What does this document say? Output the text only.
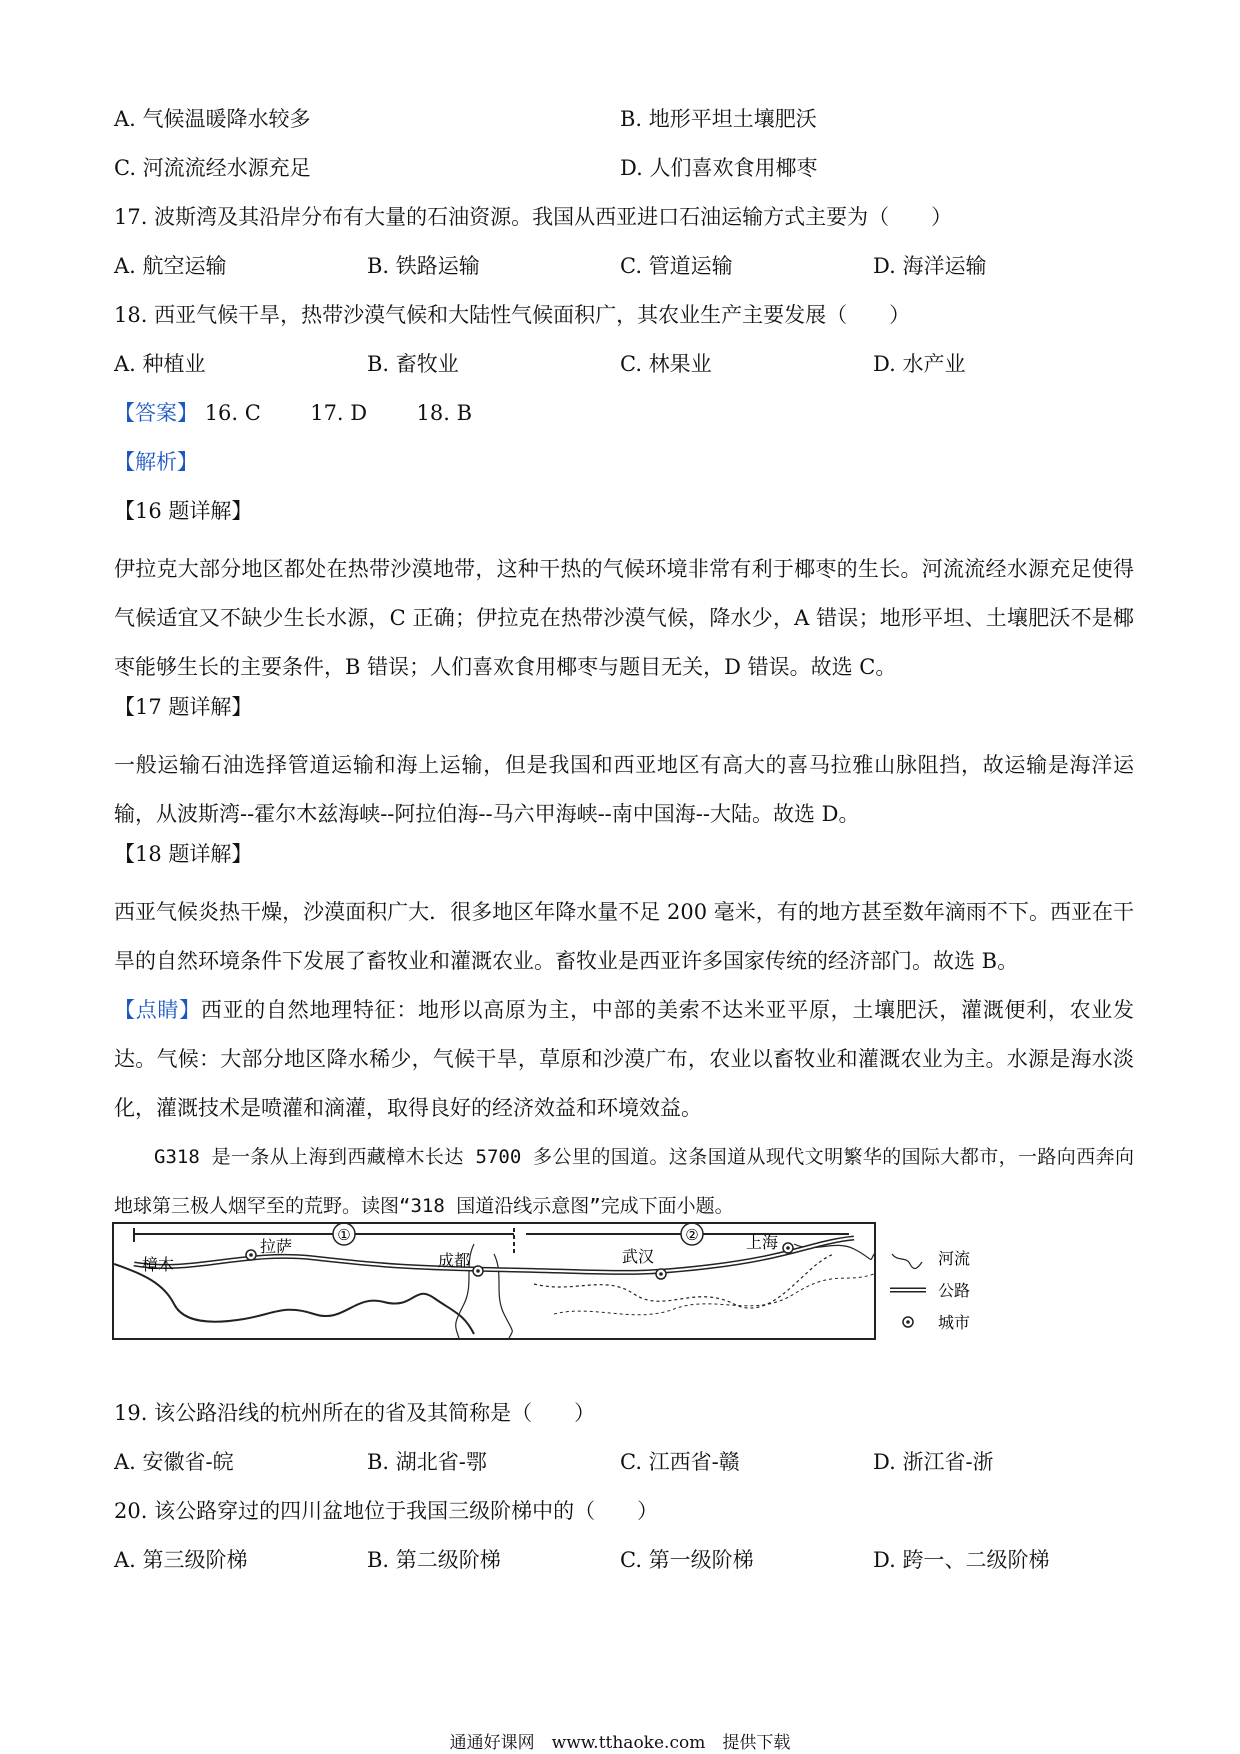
A. 气候温暖降水较多	B. 地形平坦土壤肥沃
C. 河流流经水源充足	D. 人们喜欢食用椰枣
17. 波斯湾及其沿岸分布有大量的石油资源。我国从西亚进口石油运输方式主要为（　　）
A. 航空运输	B. 铁路运输	C. 管道运输	D. 海洋运输
18. 西亚气候干旱，热带沙漠气候和大陆性气候面积广，其农业生产主要发展（　　）
A. 种植业	B. 畜牧业	C. 林果业	D. 水产业
【答案】 16. C 17. D 18. B
【解析】
【16 题详解】
伊拉克大部分地区都处在热带沙漠地带，这种干热的气候环境非常有利于椰枣的生长。河流流经水源充足使得气候适宜又不缺少生长水源，C 正确；伊拉克在热带沙漠气候，降水少，A 错误；地形平坦、土壤肥沃不是椰枣能够生长的主要条件，B 错误；人们喜欢食用椰枣与题目无关，D 错误。故选 C。
【17 题详解】
一般运输石油选择管道运输和海上运输，但是我国和西亚地区有高大的喜马拉雅山脉阻挡，故运输是海洋运输，从波斯湾--霍尔木兹海峡--阿拉伯海--马六甲海峡--南中国海--大陆。故选 D。
【18 题详解】
西亚气候炎热干燥，沙漠面积广大．很多地区年降水量不足 200 毫米，有的地方甚至数年滴雨不下。西亚在干旱的自然环境条件下发展了畜牧业和灌溉农业。畜牧业是西亚许多国家传统的经济部门。故选 B。
【点睛】西亚的自然地理特征：地形以高原为主，中部的美索不达米亚平原，土壤肥沃，灌溉便利，农业发达。气候：大部分地区降水稀少，气候干旱，草原和沙漠广布，农业以畜牧业和灌溉农业为主。水源是海水淡化，灌溉技术是喷灌和滴灌，取得良好的经济效益和环境效益。
G318 是一条从上海到西藏樟木长达 5700 多公里的国道。这条国道从现代文明繁华的国际大都市，一路向西奔向地球第三极人烟罕至的荒野。读图“318 国道沿线示意图”完成下面小题。
①	②
樟木
拉萨
成都	武汉
上海
河流
公路
城市
19. 该公路沿线的杭州所在的省及其简称是（　　）
A. 安徽省-皖	B. 湖北省-鄂	C. 江西省-赣	D. 浙江省-浙
20. 该公路穿过的四川盆地位于我国三级阶梯中的（　　）
A. 第三级阶梯	B. 第二级阶梯	C. 第一级阶梯	D. 跨一、二级阶梯
通通好课网　www.tthaoke.com　提供下载
